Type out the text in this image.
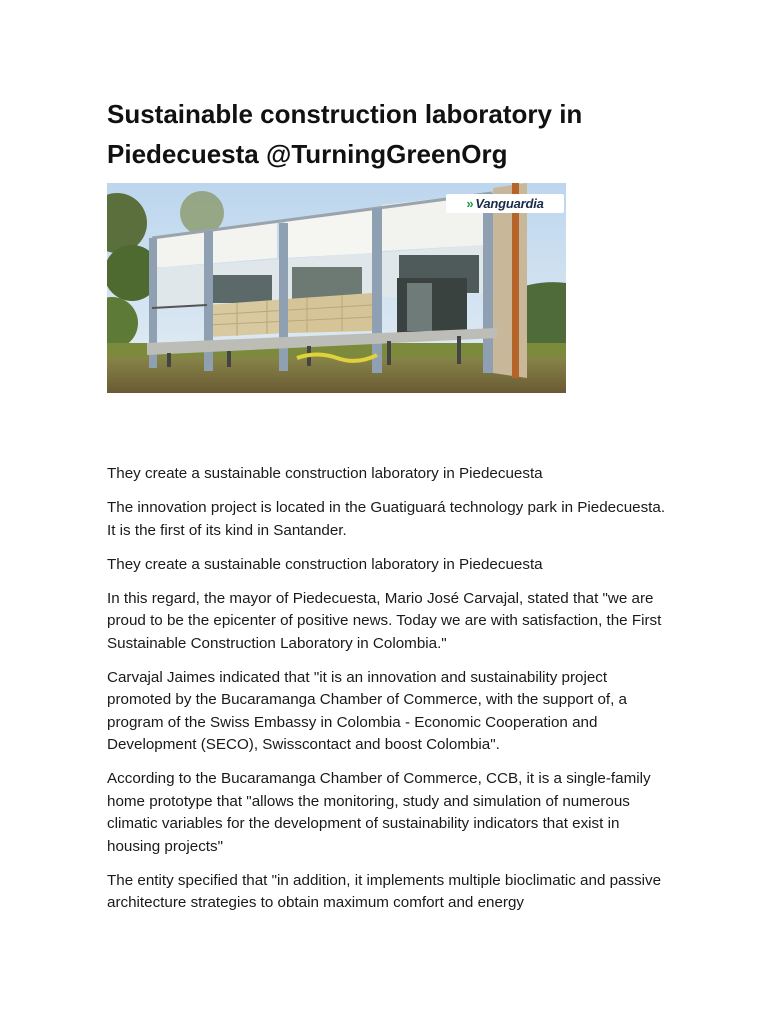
Sustainable construction laboratory in Piedecuesta @TurningGreenOrg
» Vanguardia

They create a sustainable construction laboratory in Piedecuesta

The innovation project is located in the Guatiguará technology park in Piedecuesta. It is the first of its kind in Santander.

They create a sustainable construction laboratory in Piedecuesta

In this regard, the mayor of Piedecuesta, Mario José Carvajal, stated that "we are proud to be the epicenter of positive news. Today we are with satisfaction, the First Sustainable Construction Laboratory in Colombia."

Carvajal Jaimes indicated that "it is an innovation and sustainability project promoted by the Bucaramanga Chamber of Commerce, with the support of, a program of the Swiss Embassy in Colombia - Economic Cooperation and Development (SECO), Swisscontact and boost Colombia".

According to the Bucaramanga Chamber of Commerce, CCB, it is a single-family home prototype that "allows the monitoring, study and simulation of numerous climatic variables for the development of sustainability indicators that exist in housing projects"

The entity specified that "in addition, it implements multiple bioclimatic and passive architecture strategies to obtain maximum comfort and energy
